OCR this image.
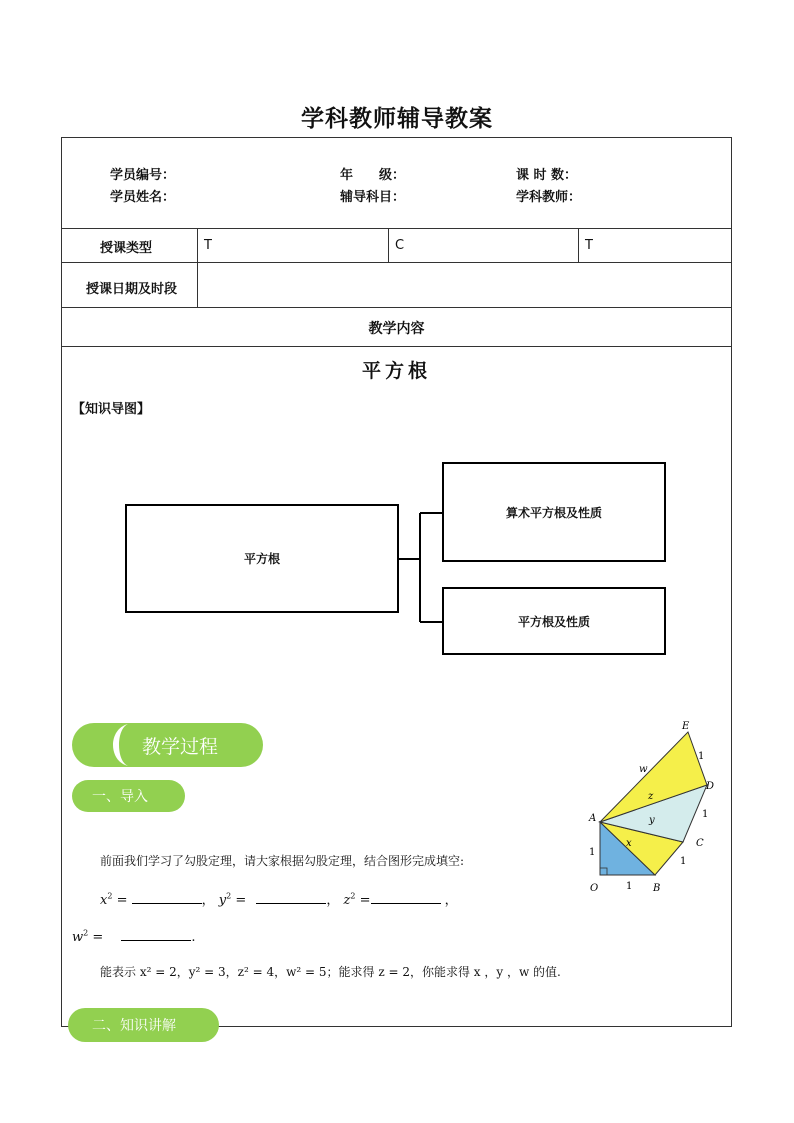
学科教师辅导教案
学员编号：	年　　级：	课 时 数：
学员姓名：	辅导科目：	学科教师：
授课类型	T	C	T
授课日期及时段
教学内容
平方根
【知识导图】
平方根
算术平方根及性质
平方根及性质
教学过程
一、导入
前面我们学习了勾股定理，请大家根据勾股定理，结合图形完成填空:
$x^2$ =	， $y^2$ =	， $z^2$ =	，
$w^2$ =	.
能表示 x² = 2，y² = 3，z² = 4，w² = 5；能求得 z = 2，你能求得 x ，y ，w 的值.
二、知识讲解
O	B
A
C
D
E
1
1
1
1
1
x
y
z
w
